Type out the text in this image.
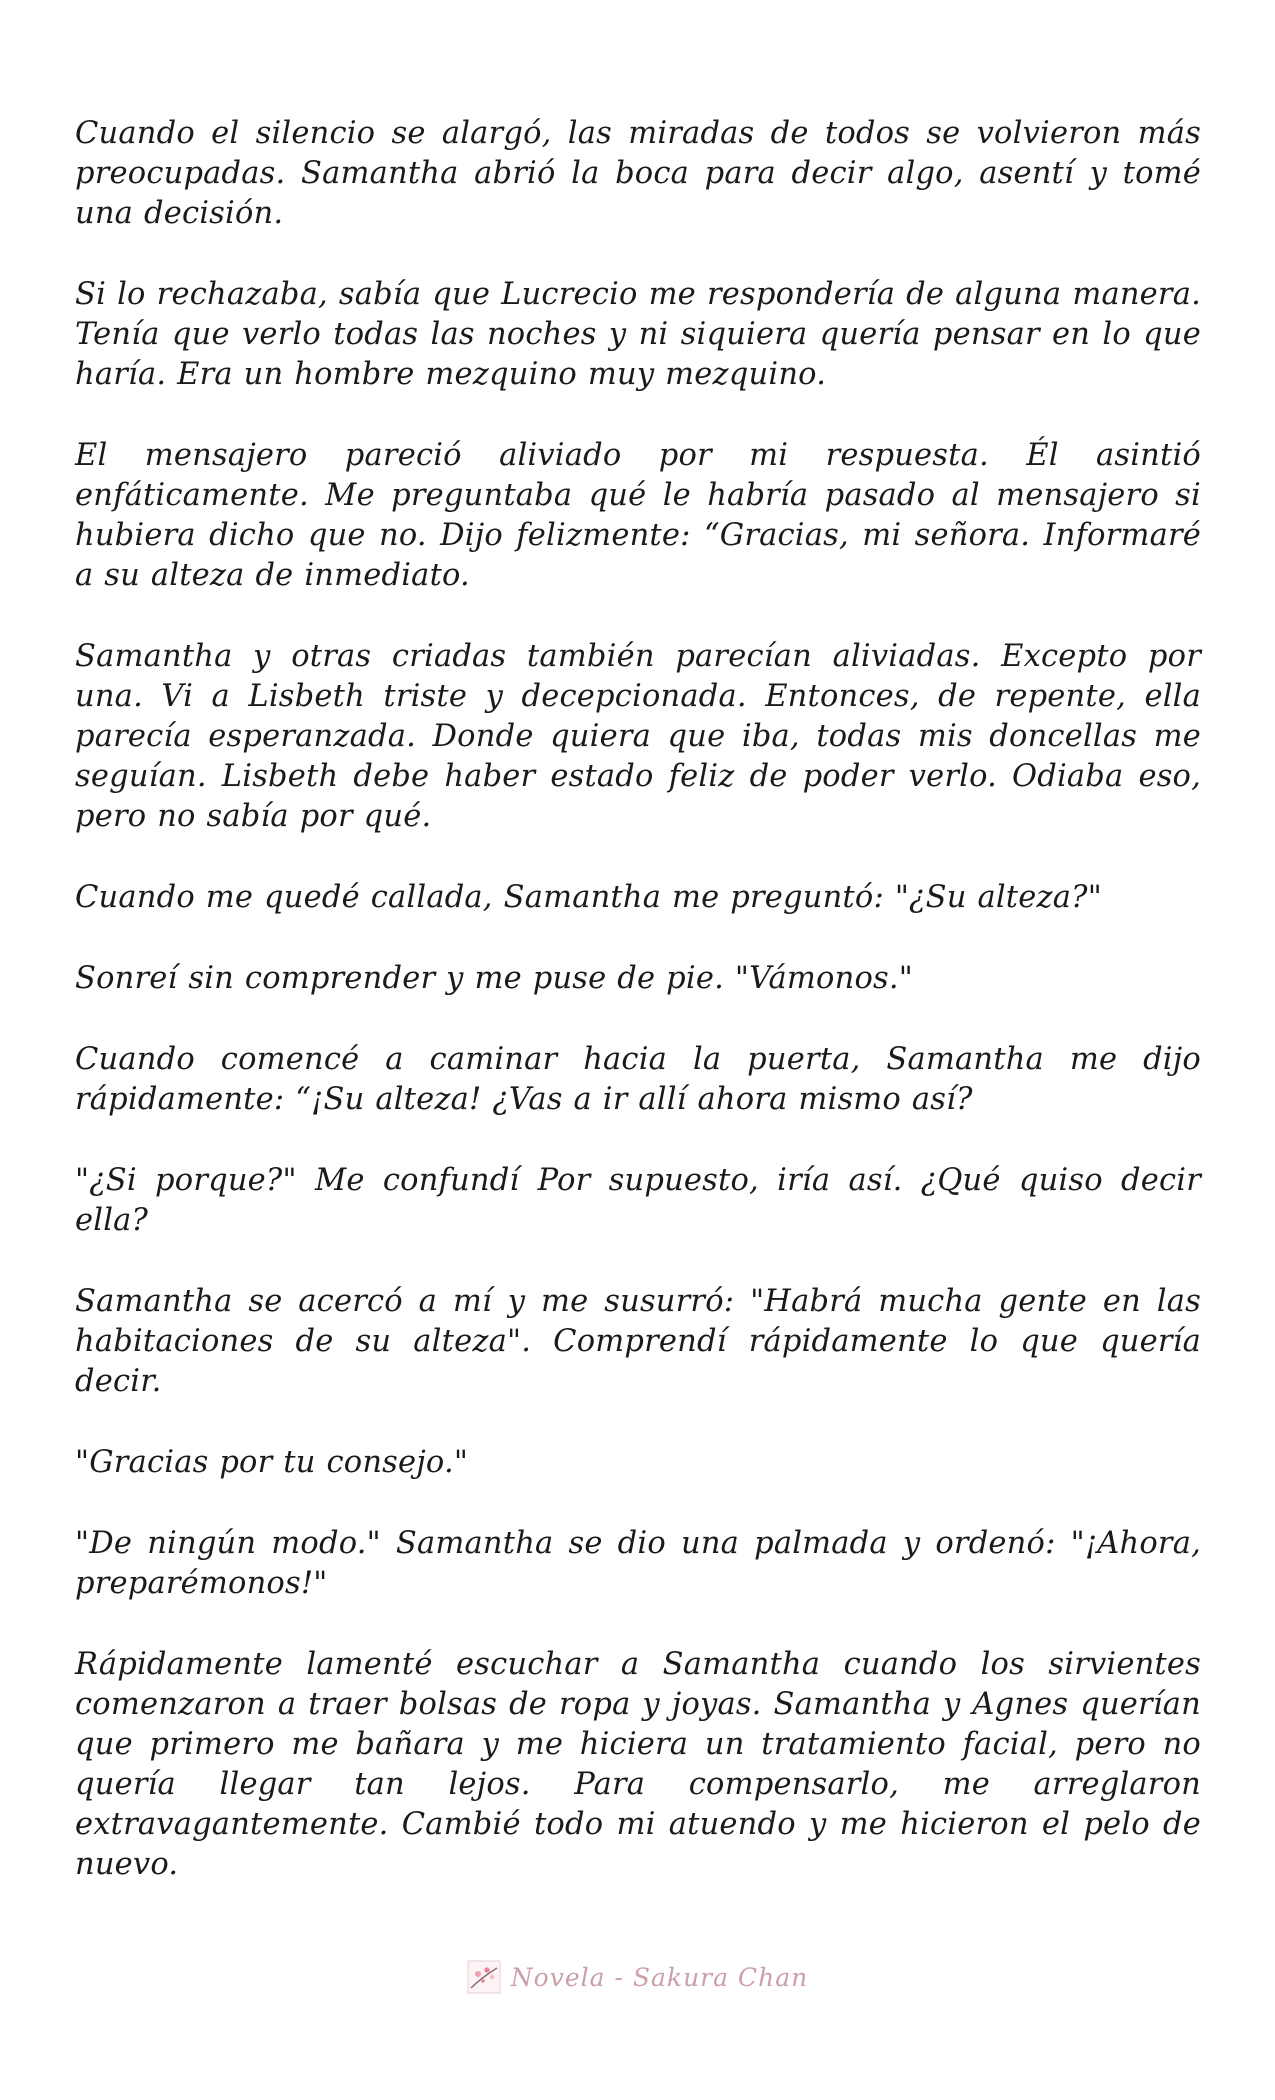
Cuando el silencio se alargó, las miradas de todos se volvieron más preocupadas. Samantha abrió la boca para decir algo, asentí y tomé una decisión.

Si lo rechazaba, sabía que Lucrecio me respondería de alguna manera. Tenía que verlo todas las noches y ni siquiera quería pensar en lo que haría. Era un hombre mezquino muy mezquino.

El mensajero pareció aliviado por mi respuesta. Él asintió enfáticamente. Me preguntaba qué le habría pasado al mensajero si hubiera dicho que no. Dijo felizmente: “Gracias, mi señora. Informaré a su alteza de inmediato.

Samantha y otras criadas también parecían aliviadas. Excepto por una. Vi a Lisbeth triste y decepcionada. Entonces, de repente, ella parecía esperanzada. Donde quiera que iba, todas mis doncellas me seguían. Lisbeth debe haber estado feliz de poder verlo. Odiaba eso, pero no sabía por qué.

Cuando me quedé callada, Samantha me preguntó: "¿Su alteza?"

Sonreí sin comprender y me puse de pie. "Vámonos."

Cuando comencé a caminar hacia la puerta, Samantha me dijo rápidamente: “¡Su alteza! ¿Vas a ir allí ahora mismo así?

"¿Si porque?" Me confundí Por supuesto, iría así. ¿Qué quiso decir ella?

Samantha se acercó a mí y me susurró: "Habrá mucha gente en las habitaciones de su alteza". Comprendí rápidamente lo que quería decir.

"Gracias por tu consejo."

"De ningún modo." Samantha se dio una palmada y ordenó: "¡Ahora, preparémonos!"

Rápidamente lamenté escuchar a Samantha cuando los sirvientes comenzaron a traer bolsas de ropa y joyas. Samantha y Agnes querían que primero me bañara y me hiciera un tratamiento facial, pero no quería llegar tan lejos. Para compensarlo, me arreglaron extravagantemente. Cambié todo mi atuendo y me hicieron el pelo de nuevo.

Novela - Sakura Chan
